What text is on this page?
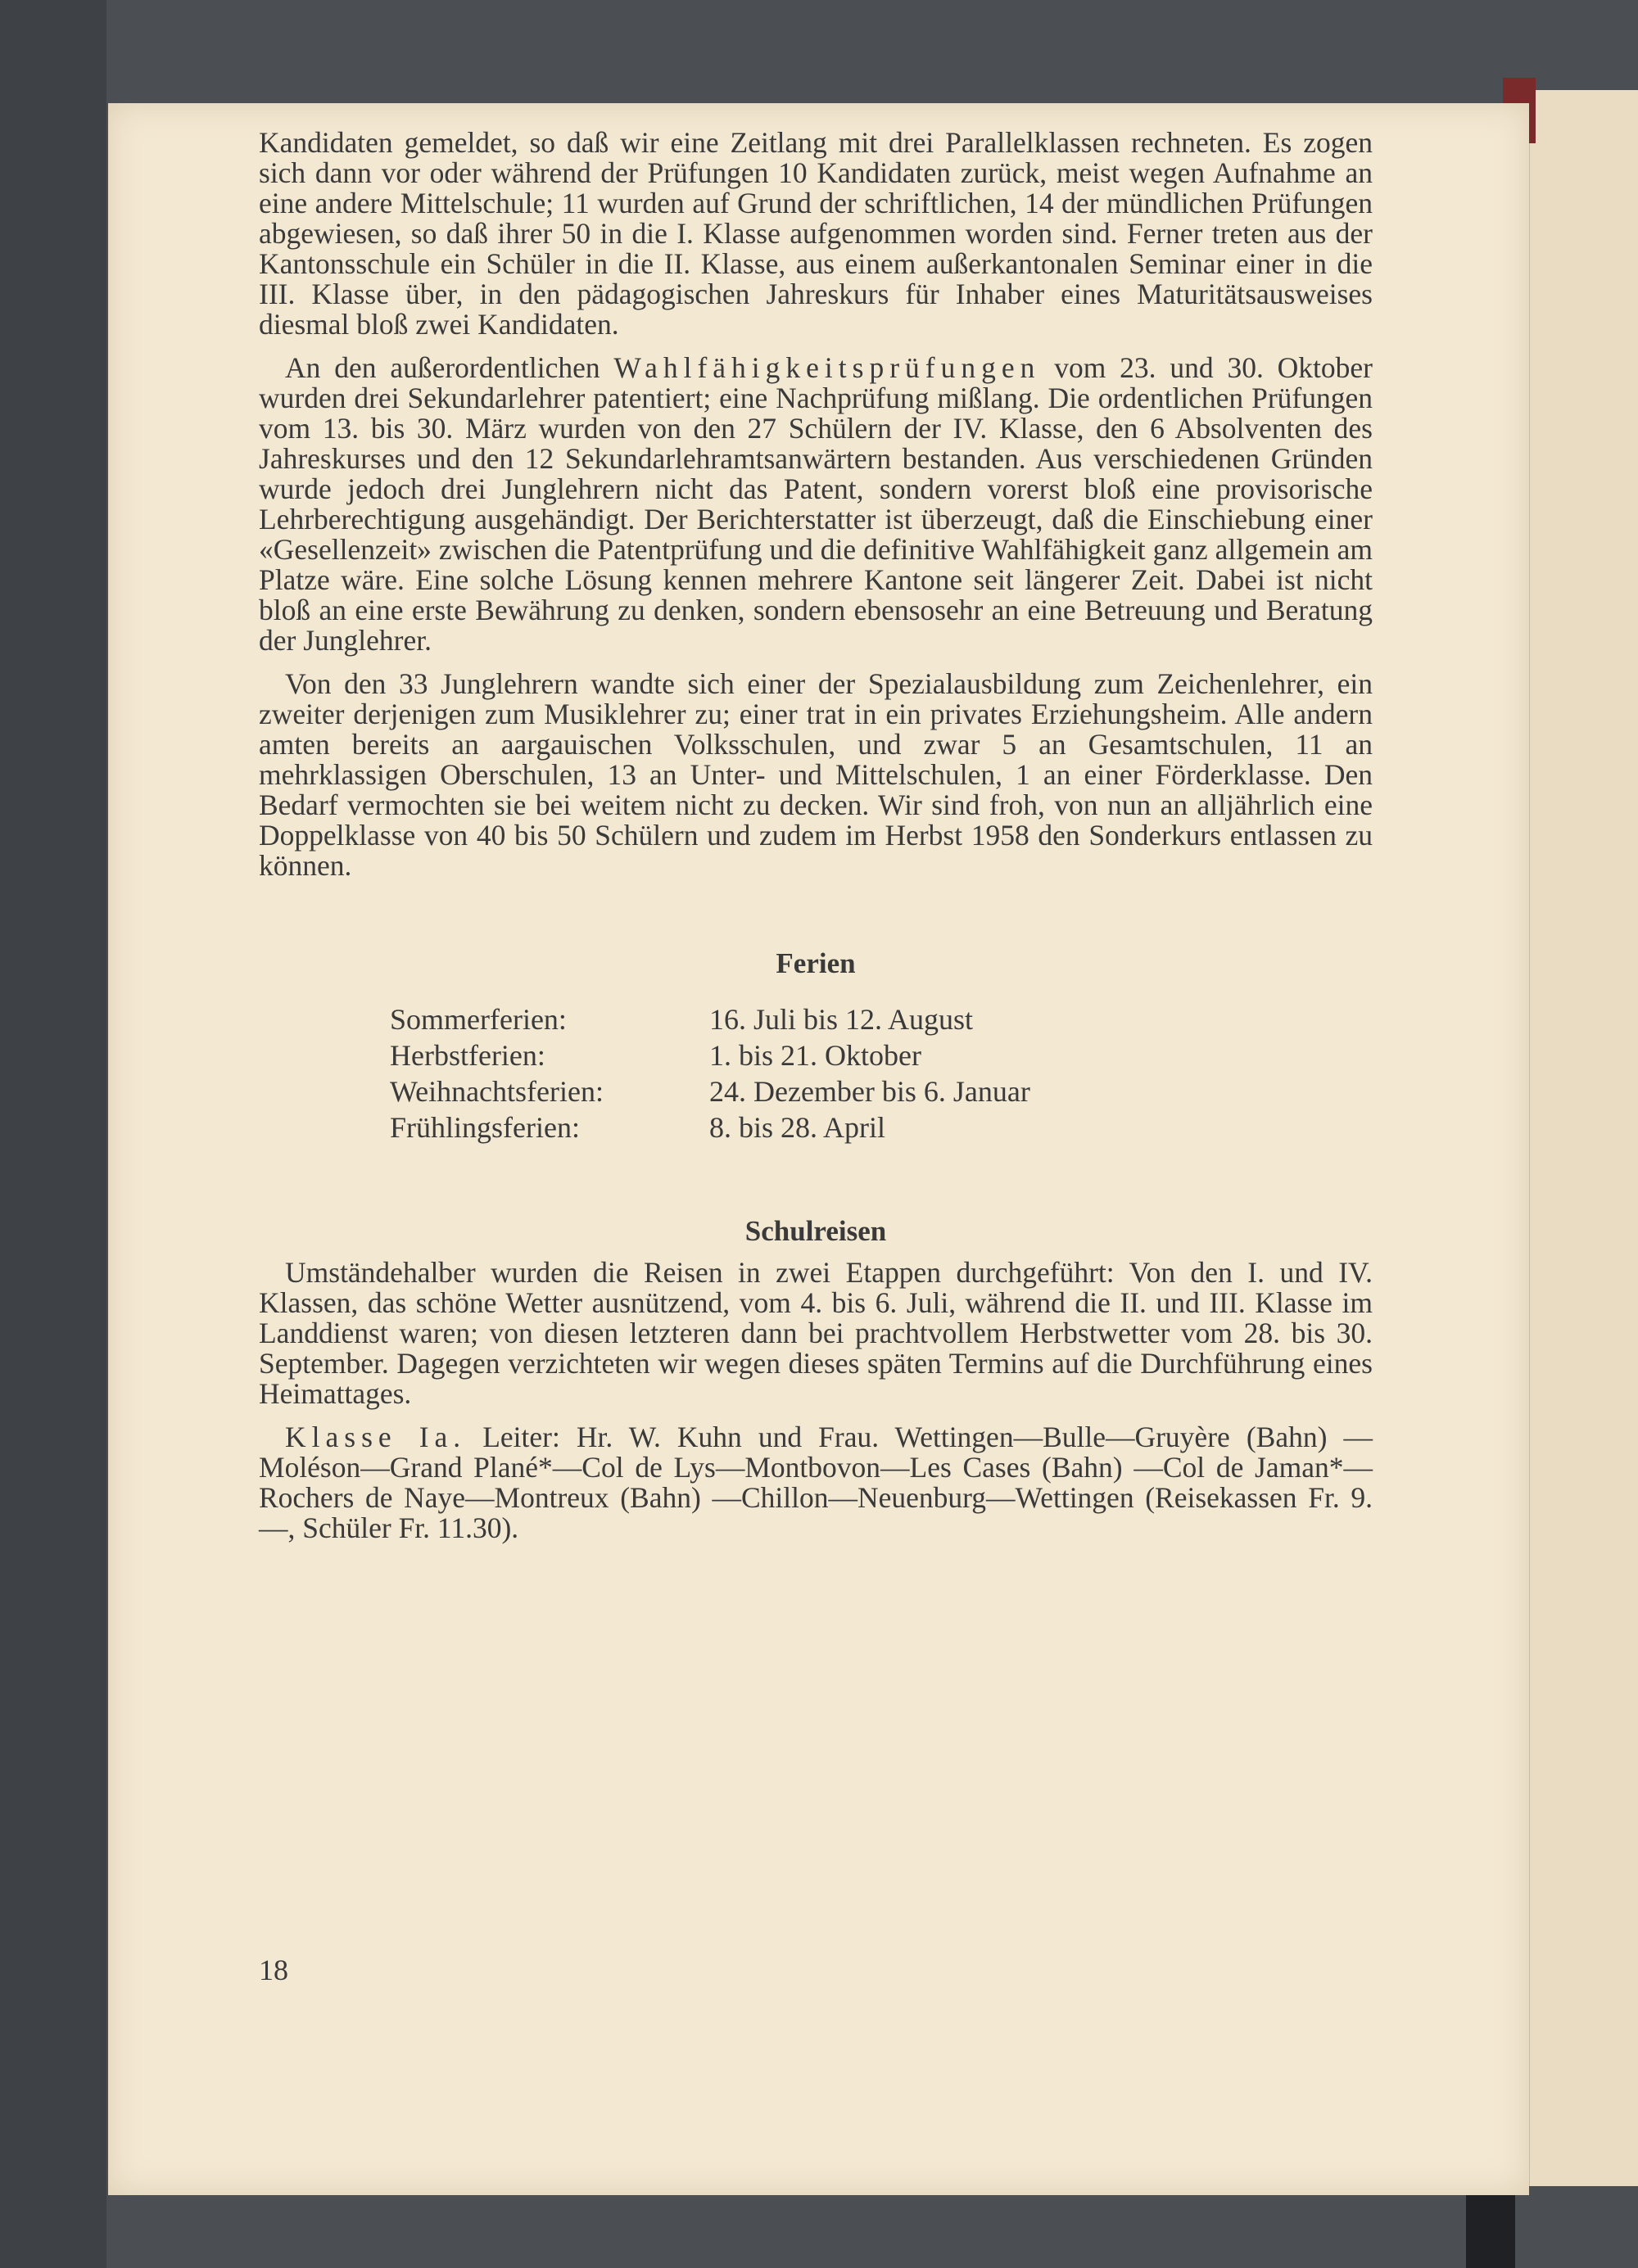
Kandidaten gemeldet, so daß wir eine Zeitlang mit drei Parallelklassen rechneten. Es zogen sich dann vor oder während der Prüfungen 10 Kandidaten zurück, meist wegen Aufnahme an eine andere Mittelschule; 11 wurden auf Grund der schriftlichen, 14 der mündlichen Prüfungen abgewiesen, so daß ihrer 50 in die I. Klasse aufgenommen worden sind. Ferner treten aus der Kantonsschule ein Schüler in die II. Klasse, aus einem außerkantonalen Seminar einer in die III. Klasse über, in den pädagogischen Jahreskurs für Inhaber eines Maturitätsausweises diesmal bloß zwei Kandidaten.

An den außerordentlichen Wahlfähigkeitsprüfungen vom 23. und 30. Oktober wurden drei Sekundarlehrer patentiert; eine Nachprüfung mißlang. Die ordentlichen Prüfungen vom 13. bis 30. März wurden von den 27 Schülern der IV. Klasse, den 6 Absolventen des Jahreskurses und den 12 Sekundarlehramtsanwärtern bestanden. Aus verschiedenen Gründen wurde jedoch drei Junglehrern nicht das Patent, sondern vorerst bloß eine provisorische Lehrberechtigung ausgehändigt. Der Berichterstatter ist überzeugt, daß die Einschiebung einer «Gesellenzeit» zwischen die Patentprüfung und die definitive Wahlfähigkeit ganz allgemein am Platze wäre. Eine solche Lösung kennen mehrere Kantone seit längerer Zeit. Dabei ist nicht bloß an eine erste Bewährung zu denken, sondern ebensosehr an eine Betreuung und Beratung der Junglehrer.

Von den 33 Junglehrern wandte sich einer der Spezialausbildung zum Zeichenlehrer, ein zweiter derjenigen zum Musiklehrer zu; einer trat in ein privates Erziehungsheim. Alle andern amten bereits an aargauischen Volksschulen, und zwar 5 an Gesamtschulen, 11 an mehrklassigen Oberschulen, 13 an Unter- und Mittelschulen, 1 an einer Förderklasse. Den Bedarf vermochten sie bei weitem nicht zu decken. Wir sind froh, von nun an alljährlich eine Doppelklasse von 40 bis 50 Schülern und zudem im Herbst 1958 den Sonderkurs entlassen zu können.

Ferien

Sommerferien:	16. Juli bis 12. August
Herbstferien:	1. bis 21. Oktober
Weihnachtsferien:	24. Dezember bis 6. Januar
Frühlingsferien:	8. bis 28. April

Schulreisen

Umständehalber wurden die Reisen in zwei Etappen durchgeführt: Von den I. und IV. Klassen, das schöne Wetter ausnützend, vom 4. bis 6. Juli, während die II. und III. Klasse im Landdienst waren; von diesen letzteren dann bei prachtvollem Herbstwetter vom 28. bis 30. September. Dagegen verzichteten wir wegen dieses späten Termins auf die Durchführung eines Heimattages.

Klasse Ia. Leiter: Hr. W. Kuhn und Frau. Wettingen—Bulle—Gruyère (Bahn) —Moléson—Grand Plané*—Col de Lys—Montbovon—Les Cases (Bahn) —Col de Jaman*—Rochers de Naye—Montreux (Bahn) —Chillon—Neuenburg—Wettingen (Reisekassen Fr. 9.—, Schüler Fr. 11.30).

18
